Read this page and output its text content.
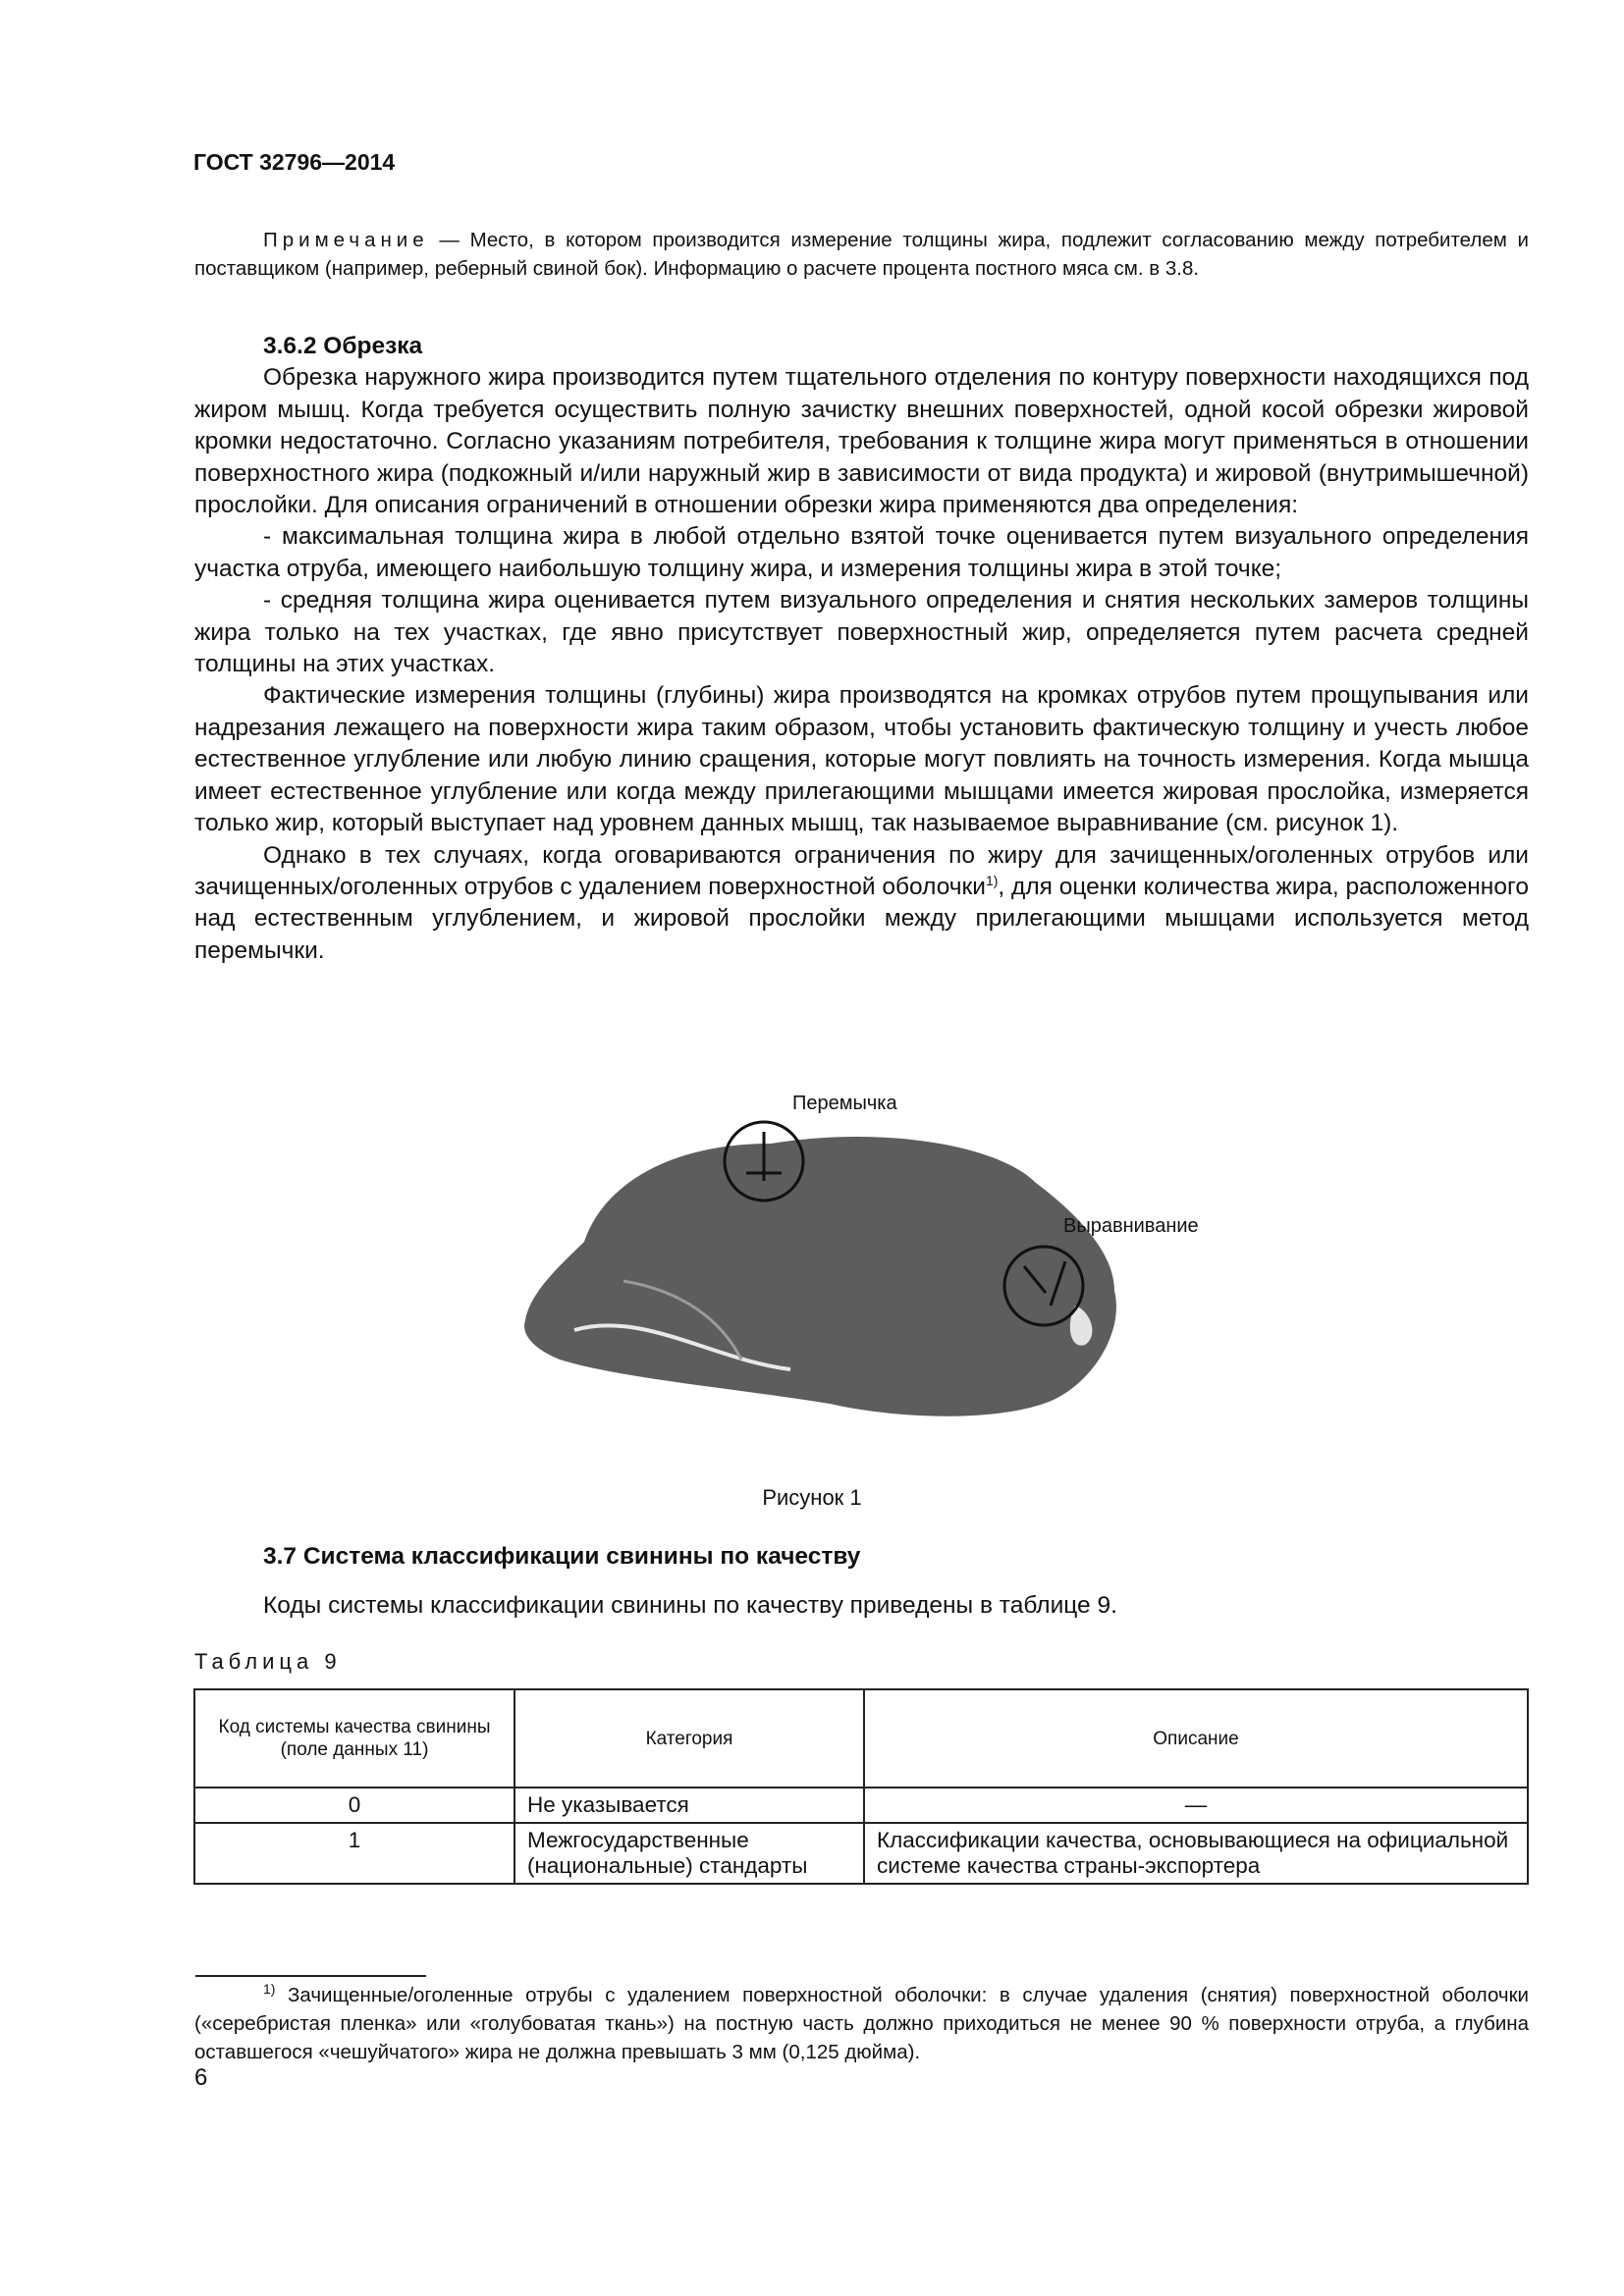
ГОСТ 32796—2014

Примечание — Место, в котором производится измерение толщины жира, подлежит согласованию между потребителем и поставщиком (например, реберный свиной бок). Информацию о расчете процента постного мяса см. в 3.8.

3.6.2 Обрезка

Обрезка наружного жира производится путем тщательного отделения по контуру поверхности находящихся под жиром мышц. Когда требуется осуществить полную зачистку внешних поверхностей, одной косой обрезки жировой кромки недостаточно. Согласно указаниям потребителя, требования к толщине жира могут применяться в отношении поверхностного жира (подкожный и/или наружный жир в зависимости от вида продукта) и жировой (внутримышечной) прослойки. Для описания ограничений в отношении обрезки жира применяются два определения:

- максимальная толщина жира в любой отдельно взятой точке оценивается путем визуального определения участка отруба, имеющего наибольшую толщину жира, и измерения толщины жира в этой точке;

- средняя толщина жира оценивается путем визуального определения и снятия нескольких замеров толщины жира только на тех участках, где явно присутствует поверхностный жир, определяется путем расчета средней толщины на этих участках.

Фактические измерения толщины (глубины) жира производятся на кромках отрубов путем прощупывания или надрезания лежащего на поверхности жира таким образом, чтобы установить фактическую толщину и учесть любое естественное углубление или любую линию сращения, которые могут повлиять на точность измерения. Когда мышца имеет естественное углубление или когда между прилегающими мышцами имеется жировая прослойка, измеряется только жир, который выступает над уровнем данных мышц, так называемое выравнивание (см. рисунок 1).

Однако в тех случаях, когда оговариваются ограничения по жиру для зачищенных/оголенных отрубов или зачищенных/оголенных отрубов с удалением поверхностной оболочки$^{1)}$, для оценки количества жира, расположенного над естественным углублением, и жировой прослойки между прилегающими мышцами используется метод перемычки.

Перемычка
Выравнивание
Рисунок 1
3.7 Система классификации свинины по качеству
Коды системы классификации свинины по качеству приведены в таблице 9.
Таблица 9
Код системы качества свинины (поле данных 11)	Категория	Описание
0	Не указывается	—
1	Межгосударственные (национальные) стандарты	Классификации качества, основывающиеся на официальной системе качества страны-экспортера
$^{1)}$ Зачищенные/оголенные отрубы с удалением поверхностной оболочки: в случае удаления (снятия) поверхностной оболочки («серебристая пленка» или «голубоватая ткань») на постную часть должно приходиться не менее 90 % поверхности отруба, а глубина оставшегося «чешуйчатого» жира не должна превышать 3 мм (0,125 дюйма).
6
